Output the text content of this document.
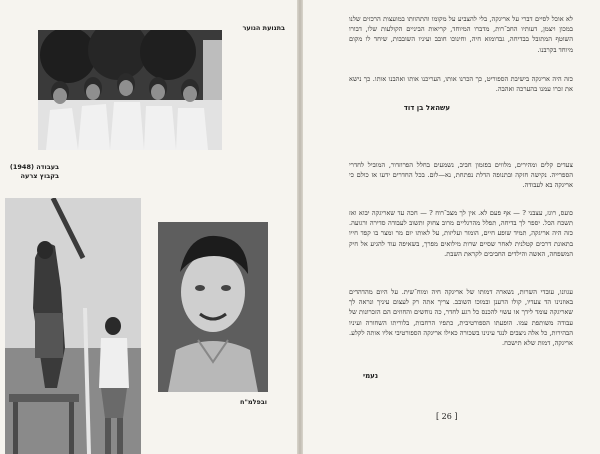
בתנועת הנוער
בעבודה (1948)
בקבוץ צרעה
ובפלמ"ח

לא אוכל לסיים דברי על אריגקה, בלי להצביע על מקומו והתהוותו במועצות הרכזים שלנו במכון ויצמן, דעותיו החב־רות, מדברו המיוחד, קריאות הביניים הקולעות שלו, דבורו השוטף המתובל בבדיחה, גבדומוא חיה, וחינוכו חובב ועיניו השובבות, שיחד לו מקום מיוחד בקרבנו.

כזה היה אריגקה בישיבת הספוריט, כך הכרנו אותו, העריכנו אותו ואהבנו אותו. כך נישא את זכרו עמנו בהערכה ואהבה.

עשהאל בן דוד

צעדים קלים ומהירים, מלווים בפזמון חביב, נשמעים בחלל הפרוזדור, המוביל לחדרי הספרייה. נקישה חזקה ובתנופה הדלת נפתחת, נא—לום. בכל החדרים ידעו אז כולם כי אריגקה בא לעבודה.

כועס, רוגז, עצבני ? — אף פעם לא. אין לך מצב־רוח ? — חכה עד שאריגקה יבוא ואז תשכח הכל. יספר לך בדיחה, תפלל מהרגליים מרוב צחוק ותשוב לעבודה סדירה ורגועה. כזה היה אריגקה, תמיד שופע חיים, הומור ועליזות, על לאותו יום מר ומצר בו קפד חייו בתאונת דרכים קטלנית לאחר שסיים שרות מילואים מפרך, בשאיפה עוד להגיע אל חיק המשפחה, האשה והילדים החביבים לקראת השבת.

עגוונו, עובדי השרות, נשארה דמותו של אריגקה חיה ומוח־שית. על היום מהדהדים באוזנינו הד צעדיו, קולו הרענן ובמוכו השובב. צריך אתה רק לעצום עיניך ונראה לך שאריגקה עומד לידך או עשוי להכנס כל רגע לחדר, כה נוחשים והחוזים הם הזכרונות של עבודה משותפת עמו. הופעתו הספורטיבית, כתפיו הרחבות, בלוריתו השחורה ועיניו הבהירות, כל אלה ניצבים לנגד עינינו בשכורה כאילו אריגקה הספורטיבי אליו אותה לקלע. אריגקה, דמות שלא תישכח.

נעמי
[ 26 ]
